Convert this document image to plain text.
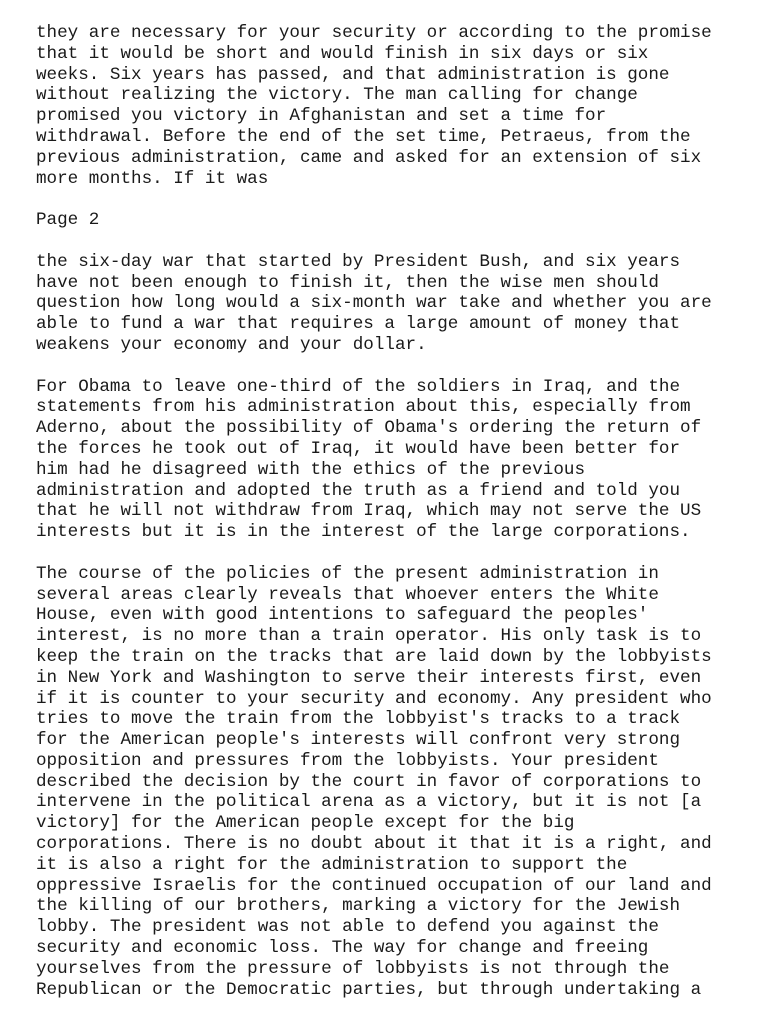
they are necessary for your security or according to the promise
that it would be short and would finish in six days or six
weeks. Six years has passed, and that administration is gone
without realizing the victory. The man calling for change
promised you victory in Afghanistan and set a time for
withdrawal. Before the end of the set time, Petraeus, from the
previous administration, came and asked for an extension of six
more months. If it was

Page 2

the six-day war that started by President Bush, and six years
have not been enough to finish it, then the wise men should
question how long would a six-month war take and whether you are
able to fund a war that requires a large amount of money that
weakens your economy and your dollar.

For Obama to leave one-third of the soldiers in Iraq, and the
statements from his administration about this, especially from
Aderno, about the possibility of Obama's ordering the return of
the forces he took out of Iraq, it would have been better for
him had he disagreed with the ethics of the previous
administration and adopted the truth as a friend and told you
that he will not withdraw from Iraq, which may not serve the US
interests but it is in the interest of the large corporations.

The course of the policies of the present administration in
several areas clearly reveals that whoever enters the White
House, even with good intentions to safeguard the peoples'
interest, is no more than a train operator. His only task is to
keep the train on the tracks that are laid down by the lobbyists
in New York and Washington to serve their interests first, even
if it is counter to your security and economy. Any president who
tries to move the train from the lobbyist's tracks to a track
for the American people's interests will confront very strong
opposition and pressures from the lobbyists. Your president
described the decision by the court in favor of corporations to
intervene in the political arena as a victory, but it is not [a
victory] for the American people except for the big
corporations. There is no doubt about it that it is a right, and
it is also a right for the administration to support the
oppressive Israelis for the continued occupation of our land and
the killing of our brothers, marking a victory for the Jewish
lobby. The president was not able to defend you against the
security and economic loss. The way for change and freeing
yourselves from the pressure of lobbyists is not through the
Republican or the Democratic parties, but through undertaking a
